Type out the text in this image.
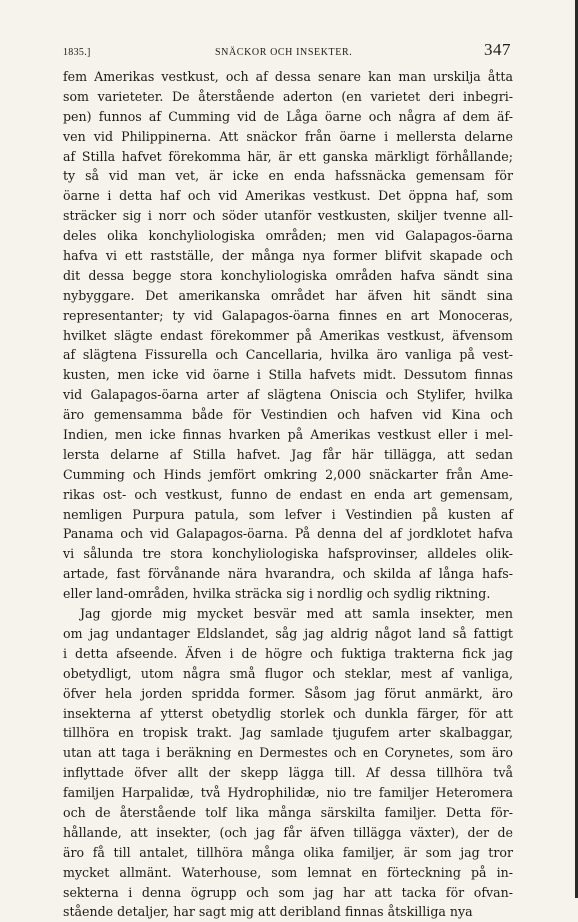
1835.]	SNÄCKOR OCH INSEKTER.	347
fem Amerikas vestkust, och af dessa senare kan man urskilja åtta
som varieteter. De återstående aderton (en varietet deri inbegri-
pen) funnos af Cumming vid de Låga öarne och några af dem äf-
ven vid Philippinerna. Att snäckor från öarne i mellersta delarne
af Stilla hafvet förekomma här, är ett ganska märkligt förhållande;
ty så vid man vet, är icke en enda hafssnäcka gemensam för
öarne i detta haf och vid Amerikas vestkust. Det öppna haf, som
sträcker sig i norr och söder utanför vestkusten, skiljer tvenne all-
deles olika konchyliologiska områden; men vid Galapagos-öarna
hafva vi ett rastställe, der många nya former blifvit skapade och
dit dessa begge stora konchyliologiska områden hafva sändt sina
nybyggare. Det amerikanska området har äfven hit sändt sina
representanter; ty vid Galapagos-öarna finnes en art Monoceras,
hvilket slägte endast förekommer på Amerikas vestkust, äfvensom
af slägtena Fissurella och Cancellaria, hvilka äro vanliga på vest-
kusten, men icke vid öarne i Stilla hafvets midt. Dessutom finnas
vid Galapagos-öarna arter af slägtena Oniscia och Stylifer, hvilka
äro gemensamma både för Vestindien och hafven vid Kina och
Indien, men icke finnas hvarken på Amerikas vestkust eller i mel-
lersta delarne af Stilla hafvet. Jag får här tillägga, att sedan
Cumming och Hinds jemfört omkring 2,000 snäckarter från Ame-
rikas ost- och vestkust, funno de endast en enda art gemensam,
nemligen Purpura patula, som lefver i Vestindien på kusten af
Panama och vid Galapagos-öarna. På denna del af jordklotet hafva
vi sålunda tre stora konchyliologiska hafsprovinser, alldeles olik-
artade, fast förvånande nära hvarandra, och skilda af långa hafs-
eller land-områden, hvilka sträcka sig i nordlig och sydlig riktning.
Jag gjorde mig mycket besvär med att samla insekter, men
om jag undantager Eldslandet, såg jag aldrig något land så fattigt
i detta afseende. Äfven i de högre och fuktiga trakterna fick jag
obetydligt, utom några små flugor och steklar, mest af vanliga,
öfver hela jorden spridda former. Såsom jag förut anmärkt, äro
insekterna af ytterst obetydlig storlek och dunkla färger, för att
tillhöra en tropisk trakt. Jag samlade tjugufem arter skalbaggar,
utan att taga i beräkning en Dermestes och en Corynetes, som äro
inflyttade öfver allt der skepp lägga till. Af dessa tillhöra två
familjen Harpalidæ, två Hydrophilidæ, nio tre familjer Heteromera
och de återstående tolf lika många särskilta familjer. Detta för-
hållande, att insekter, (och jag får äfven tillägga växter), der de
äro få till antalet, tillhöra många olika familjer, är som jag tror
mycket allmänt. Waterhouse, som lemnat en förteckning på in-
sekterna i denna ögrupp och som jag har att tacka för ofvan-
stående detaljer, har sagt mig att deribland finnas åtskilliga nya
